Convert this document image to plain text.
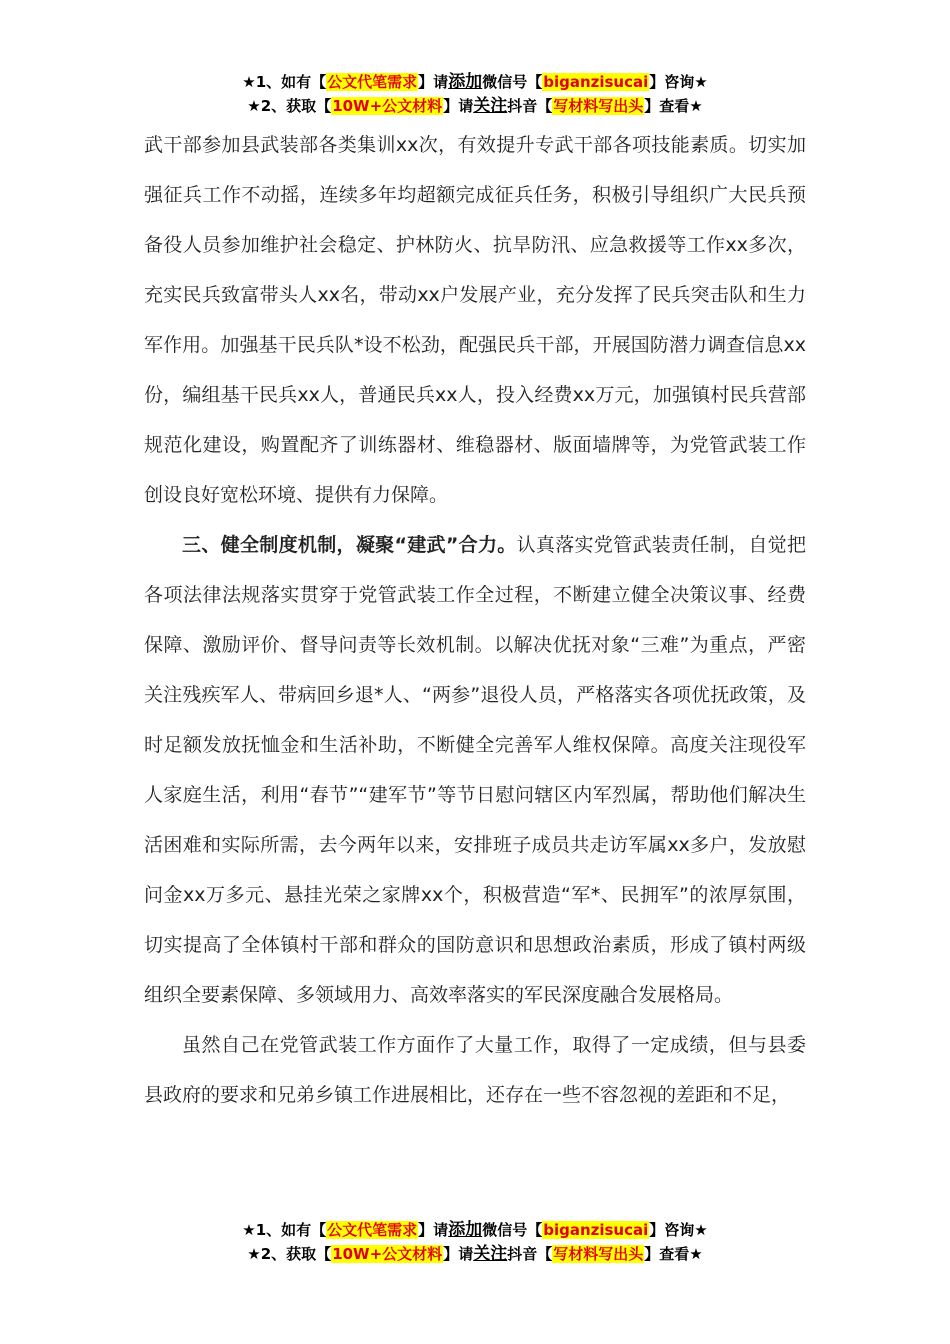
★1、如有【公文代笔需求】请添加微信号【biganzisucai】咨询★
★2、获取【10W+公文材料】请关注抖音【写材料写出头】查看★

武干部参加县武装部各类集训xx次，有效提升专武干部各项技能素质。切实加强征兵工作不动摇，连续多年均超额完成征兵任务，积极引导组织广大民兵预备役人员参加维护社会稳定、护林防火、抗旱防汛、应急救援等工作xx多次，充实民兵致富带头人xx名，带动xx户发展产业，充分发挥了民兵突击队和生力军作用。加强基干民兵队*设不松劲，配强民兵干部，开展国防潜力调查信息xx份，编组基干民兵xx人，普通民兵xx人，投入经费xx万元，加强镇村民兵营部规范化建设，购置配齐了训练器材、维稳器材、版面墙牌等，为党管武装工作创设良好宽松环境、提供有力保障。

三、健全制度机制，凝聚“建武”合力。认真落实党管武装责任制，自觉把各项法律法规落实贯穿于党管武装工作全过程，不断建立健全决策议事、经费保障、激励评价、督导问责等长效机制。以解决优抚对象“三难”为重点，严密关注残疾军人、带病回乡退*人、“两参”退役人员，严格落实各项优抚政策，及时足额发放抚恤金和生活补助，不断健全完善军人维权保障。高度关注现役军人家庭生活，利用“春节”“建军节”等节日慰问辖区内军烈属，帮助他们解决生活困难和实际所需，去今两年以来，安排班子成员共走访军属xx多户，发放慰问金xx万多元、悬挂光荣之家牌xx个，积极营造“军*、民拥军”的浓厚氛围，切实提高了全体镇村干部和群众的国防意识和思想政治素质，形成了镇村两级组织全要素保障、多领域用力、高效率落实的军民深度融合发展格局。

虽然自己在党管武装工作方面作了大量工作，取得了一定成绩，但与县委县政府的要求和兄弟乡镇工作进展相比，还存在一些不容忽视的差距和不足，

★1、如有【公文代笔需求】请添加微信号【biganzisucai】咨询★
★2、获取【10W+公文材料】请关注抖音【写材料写出头】查看★
